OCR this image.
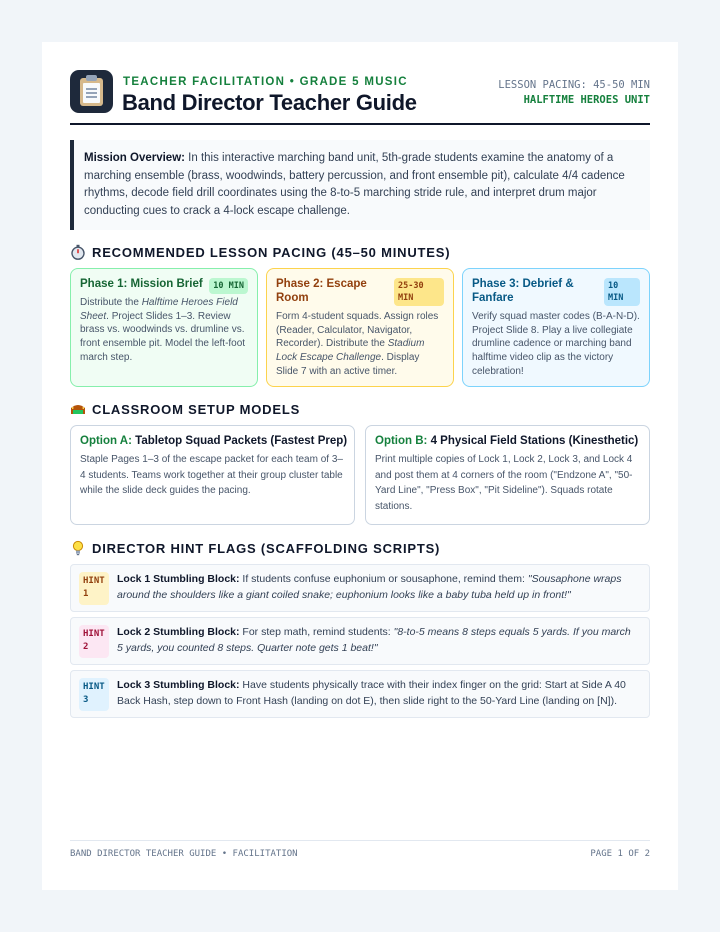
TEACHER FACILITATION • GRADE 5 MUSIC
Band Director Teacher Guide
LESSON PACING: 45-50 MIN
HALFTIME HEROES UNIT
Mission Overview: In this interactive marching band unit, 5th-grade students examine the anatomy of a marching ensemble (brass, woodwinds, battery percussion, and front ensemble pit), calculate 4/4 cadence rhythms, decode field drill coordinates using the 8-to-5 marching stride rule, and interpret drum major conducting cues to crack a 4-lock escape challenge.
RECOMMENDED LESSON PACING (45–50 MINUTES)
Phase 1: Mission Brief	10 MIN
Distribute the Halftime Heroes Field Sheet. Project Slides 1–3. Review brass vs. woodwinds vs. drumline vs. front ensemble pit. Model the left-foot march step.
Phase 2: Escape Room
25-30 MIN
Form 4-student squads. Assign roles (Reader, Calculator, Navigator, Recorder). Distribute the Stadium Lock Escape Challenge. Display Slide 7 with an active timer.
Phase 3: Debrief & Fanfare
10 MIN
Verify squad master codes (B-A-N-D). Project Slide 8. Play a live collegiate drumline cadence or marching band halftime video clip as the victory celebration!
CLASSROOM SETUP MODELS
Option A: Tabletop Squad Packets (Fastest Prep)
Staple Pages 1–3 of the escape packet for each team of 3–4 students. Teams work together at their group cluster table while the slide deck guides the pacing.
Option B: 4 Physical Field Stations (Kinesthetic)
Print multiple copies of Lock 1, Lock 2, Lock 3, and Lock 4 and post them at 4 corners of the room ("Endzone A", "50-Yard Line", "Press Box", "Pit Sideline"). Squads rotate stations.
DIRECTOR HINT FLAGS (SCAFFOLDING SCRIPTS)
HINT 1
Lock 1 Stumbling Block: If students confuse euphonium or sousaphone, remind them: "Sousaphone wraps around the shoulders like a giant coiled snake; euphonium looks like a baby tuba held up in front!"
HINT 2
Lock 2 Stumbling Block: For step math, remind students: "8-to-5 means 8 steps equals 5 yards. If you march 5 yards, you counted 8 steps. Quarter note gets 1 beat!"
HINT 3
Lock 3 Stumbling Block: Have students physically trace with their index finger on the grid: Start at Side A 40 Back Hash, step down to Front Hash (landing on dot E), then slide right to the 50-Yard Line (landing on [N]).
BAND DIRECTOR TEACHER GUIDE • FACILITATION	PAGE 1 OF 2
